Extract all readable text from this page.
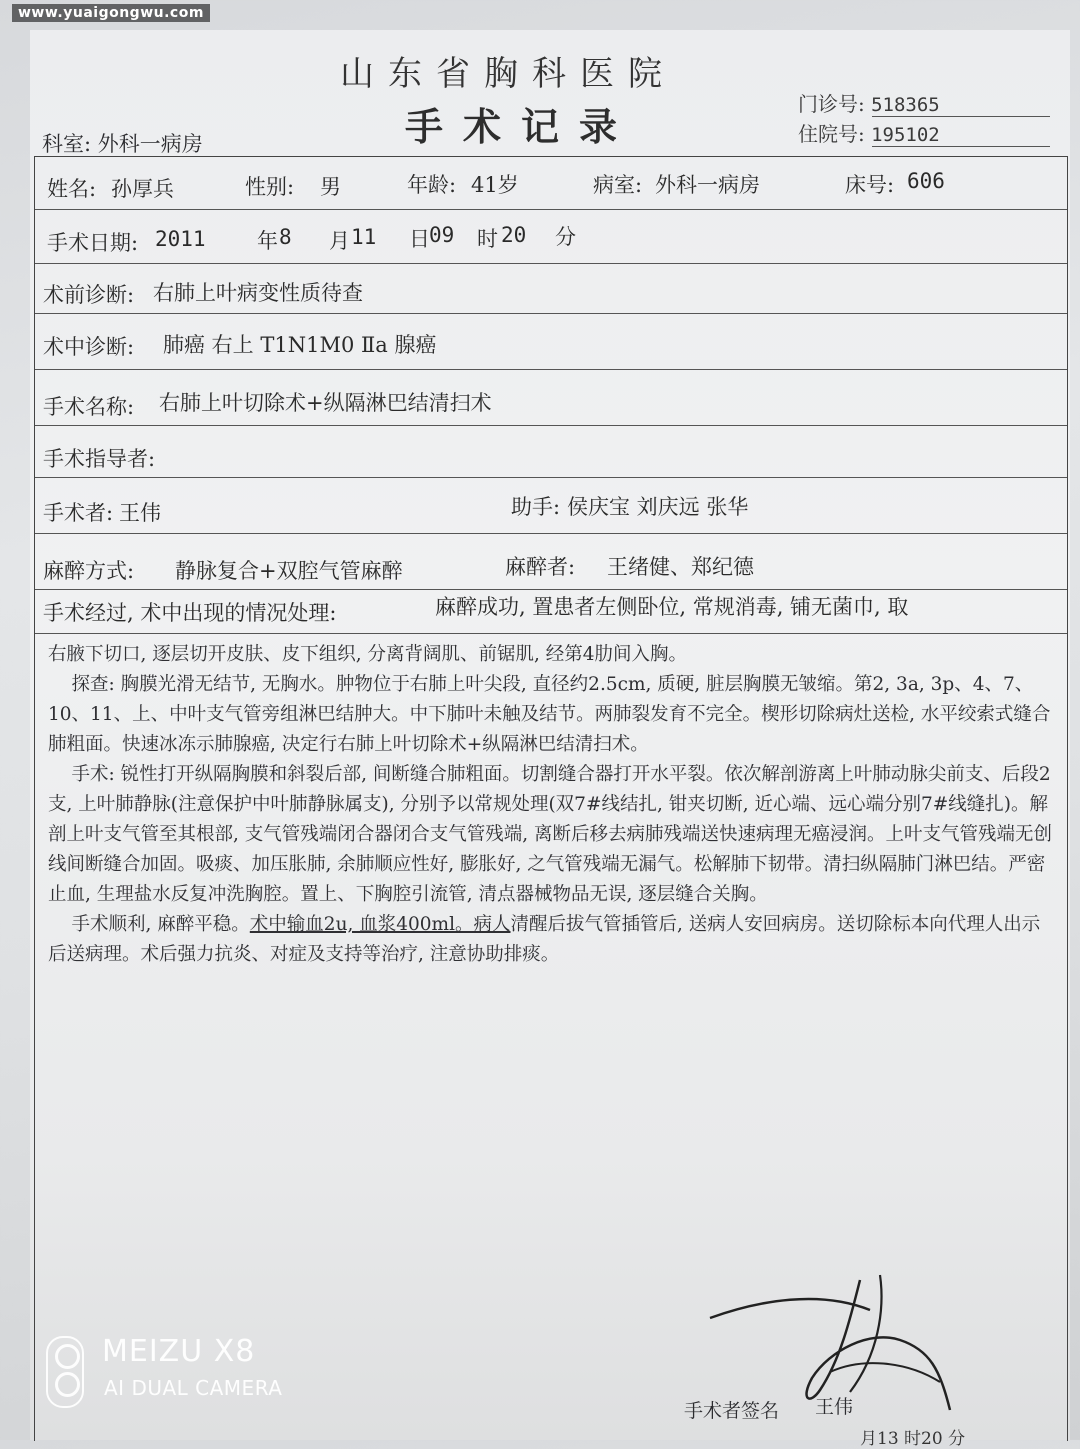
www.yuaigongwu.com
山东省胸科医院
手术记录	门诊号: 518365
住院号: 195102
科室: 外科一病房
姓名: 孙厚兵	性别: 男	年龄: 41岁	病室: 外科一病房	床号: 606
手术日期: 2011 年 8 月 11 日 09 时 20 分
术前诊断: 右肺上叶病变性质待查
术中诊断: 肺癌 右上 T1N1M0 Ⅱa 腺癌
手术名称: 右肺上叶切除术+纵隔淋巴结清扫术
手术指导者:
手术者: 王伟	助手: 侯庆宝 刘庆远 张华
麻醉方式: 静脉复合+双腔气管麻醉	麻醉者: 王绪健、郑纪德
手术经过, 术中出现的情况处理:	麻醉成功, 置患者左侧卧位, 常规消毒, 铺无菌巾, 取

右腋下切口, 逐层切开皮肤、皮下组织, 分离背阔肌、前锯肌, 经第4肋间入胸。

探查: 胸膜光滑无结节, 无胸水。肿物位于右肺上叶尖段, 直径约2.5cm, 质硬, 脏层胸膜无皱缩。第2, 3a, 3p、4、7、10、11、上、中叶支气管旁组淋巴结肿大。中下肺叶未触及结节。两肺裂发育不完全。楔形切除病灶送检, 水平绞索式缝合肺粗面。快速冰冻示肺腺癌, 决定行右肺上叶切除术+纵隔淋巴结清扫术。

手术: 锐性打开纵隔胸膜和斜裂后部, 间断缝合肺粗面。切割缝合器打开水平裂。依次解剖游离上叶肺动脉尖前支、后段2支, 上叶肺静脉(注意保护中叶肺静脉属支), 分别予以常规处理(双7#线结扎, 钳夹切断, 近心端、远心端分别7#线缝扎)。解剖上叶支气管至其根部, 支气管残端闭合器闭合支气管残端, 离断后移去病肺残端送快速病理无癌浸润。上叶支气管残端无创线间断缝合加固。吸痰、加压胀肺, 余肺顺应性好, 膨胀好, 之气管残端无漏气。松解肺下韧带。清扫纵隔肺门淋巴结。严密止血, 生理盐水反复冲洗胸腔。置上、下胸腔引流管, 清点器械物品无误, 逐层缝合关胸。

手术顺利, 麻醉平稳。术中输血2u, 血浆400ml。病人清醒后拔气管插管后, 送病人安回病房。送切除标本向代理人出示后送病理。术后强力抗炎、对症及支持等治疗, 注意协助排痰。

手术者签名 王伟
月13 时20 分
MEIZU X8
AI DUAL CAMERA
